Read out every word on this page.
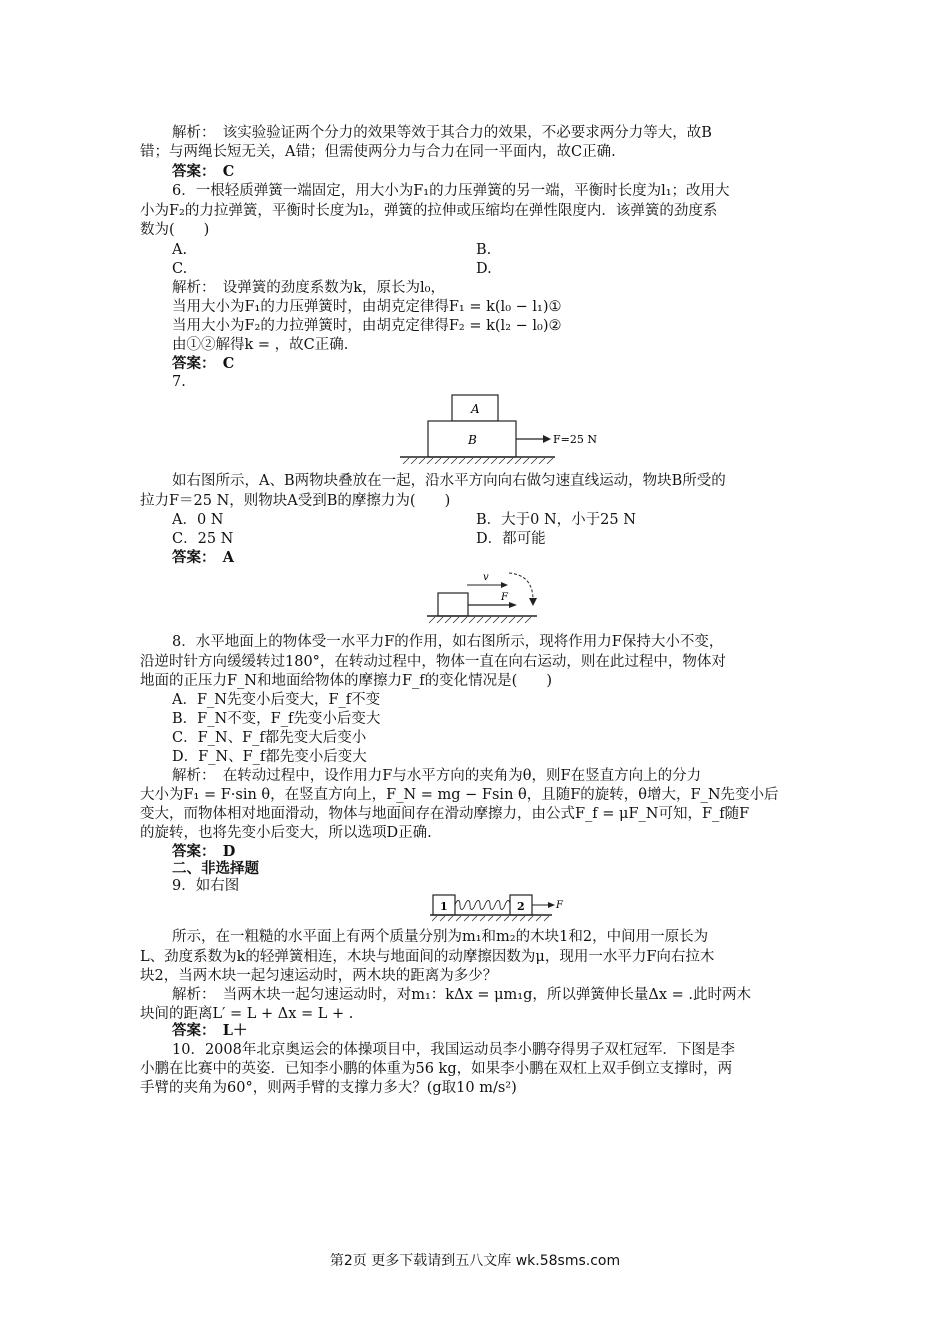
解析：　该实验验证两个分力的效果等效于其合力的效果，不必要求两分力等大，故B
错；与两绳长短无关，A错；但需使两分力与合力在同一平面内，故C正确.
答案：　C
6．一根轻质弹簧一端固定，用大小为F₁的力压弹簧的另一端，平衡时长度为l₁；改用大
小为F₂的力拉弹簧，平衡时长度为l₂，弹簧的拉伸或压缩均在弹性限度内．该弹簧的劲度系
数为(　　)
A.	B.
C.	D.
解析：　设弹簧的劲度系数为k，原长为l₀，
当用大小为F₁的力压弹簧时，由胡克定律得F₁ = k(l₀ − l₁)①
当用大小为F₂的力拉弹簧时，由胡克定律得F₂ = k(l₂ − l₀)②
由①②解得k = ，故C正确.
答案：　C
7.
A
B	F=25 N
如右图所示，A、B两物块叠放在一起，沿水平方向向右做匀速直线运动，物块B所受的
拉力F＝25 N，则物块A受到B的摩擦力为(　　)
A．0 N	B．大于0 N，小于25 N
C．25 N	D．都可能
答案：　A
v
F
8．水平地面上的物体受一水平力F的作用，如右图所示，现将作用力F保持大小不变，
沿逆时针方向缓缓转过180°，在转动过程中，物体一直在向右运动，则在此过程中，物体对
地面的正压力F_N和地面给物体的摩擦力F_f的变化情况是(　　)
A．F_N先变小后变大，F_f不变
B．F_N不变，F_f先变小后变大
C．F_N、F_f都先变大后变小
D．F_N、F_f都先变小后变大
解析：　在转动过程中，设作用力F与水平方向的夹角为θ，则F在竖直方向上的分力
大小为F₁ = F·sin θ，在竖直方向上，F_N = mg − Fsin θ，且随F的旋转，θ增大，F_N先变小后
变大，而物体相对地面滑动，物体与地面间存在滑动摩擦力，由公式F_f = μF_N可知，F_f随F
的旋转，也将先变小后变大，所以选项D正确.
答案：　D
二、非选择题
9．如右图
1	2	F
所示，在一粗糙的水平面上有两个质量分别为m₁和m₂的木块1和2，中间用一原长为
L、劲度系数为k的轻弹簧相连，木块与地面间的动摩擦因数为μ，现用一水平力F向右拉木
块2，当两木块一起匀速运动时，两木块的距离为多少？
解析：　当两木块一起匀速运动时，对m₁：kΔx = μm₁g，所以弹簧伸长量Δx = .此时两木
块间的距离L′ = L + Δx = L + .
答案：　L＋
10．2008年北京奥运会的体操项目中，我国运动员李小鹏夺得男子双杠冠军．下图是李
小鹏在比赛中的英姿．已知李小鹏的体重为56 kg，如果李小鹏在双杠上双手倒立支撑时，两
手臂的夹角为60°，则两手臂的支撑力多大？(g取10 m/s²)
第2页 更多下载请到五八文库 wk.58sms.com
